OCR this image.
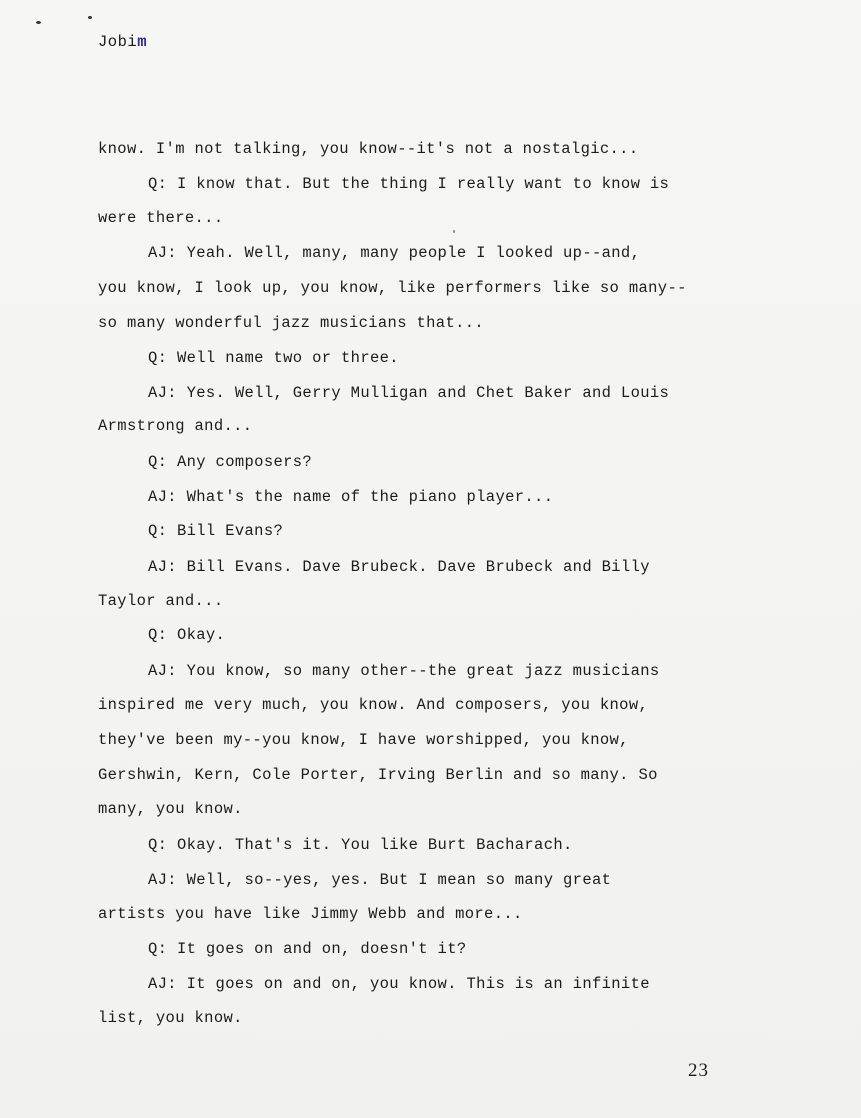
Jobim
know. I'm not talking, you know--it's not a nostalgic...
Q: I know that. But the thing I really want to know is
were there...
AJ: Yeah. Well, many, many people I looked up--and,
you know, I look up, you know, like performers like so many--
so many wonderful jazz musicians that...
Q: Well name two or three.
AJ: Yes. Well, Gerry Mulligan and Chet Baker and Louis
Armstrong and...
Q: Any composers?
AJ: What's the name of the piano player...
Q: Bill Evans?
AJ: Bill Evans. Dave Brubeck. Dave Brubeck and Billy
Taylor and...
Q: Okay.
AJ: You know, so many other--the great jazz musicians
inspired me very much, you know. And composers, you know,
they've been my--you know, I have worshipped, you know,
Gershwin, Kern, Cole Porter, Irving Berlin and so many. So
many, you know.
Q: Okay. That's it. You like Burt Bacharach.
AJ: Well, so--yes, yes. But I mean so many great
artists you have like Jimmy Webb and more...
Q: It goes on and on, doesn't it?
AJ: It goes on and on, you know. This is an infinite
list, you know.
23
